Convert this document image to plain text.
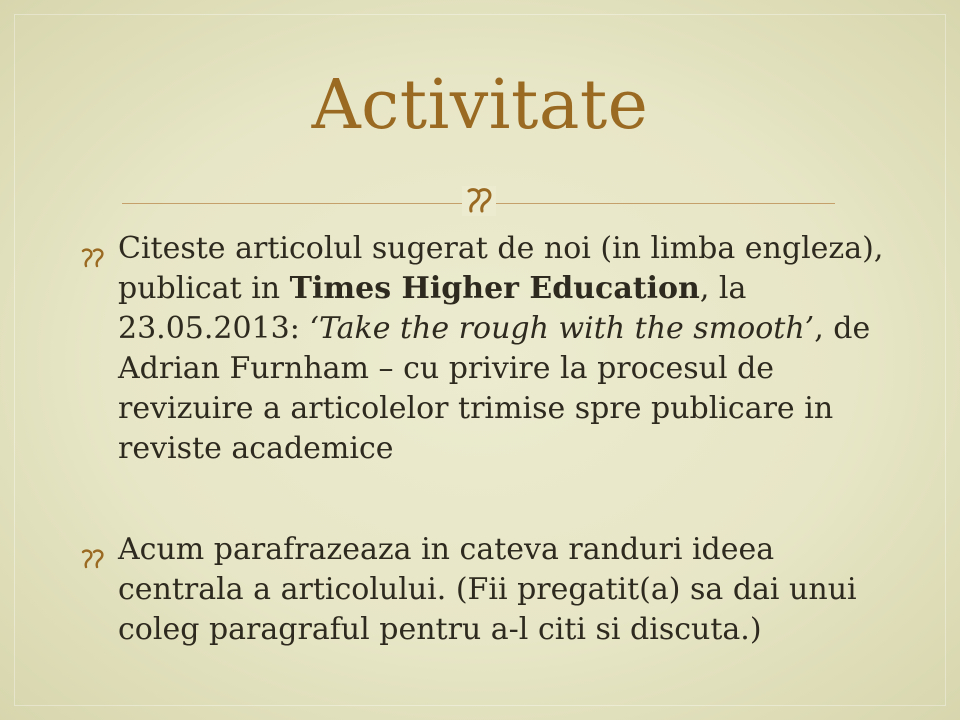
Activitate
Citeste articolul sugerat de noi (in limba engleza), publicat in Times Higher Education, la 23.05.2013: ‘Take the rough with the smooth’, de Adrian Furnham – cu privire la procesul de revizuire a articolelor trimise spre publicare in reviste academice
Acum parafrazeaza in cateva randuri ideea centrala a articolului. (Fii pregatit(a) sa dai unui coleg paragraful pentru a-l citi si discuta.)
